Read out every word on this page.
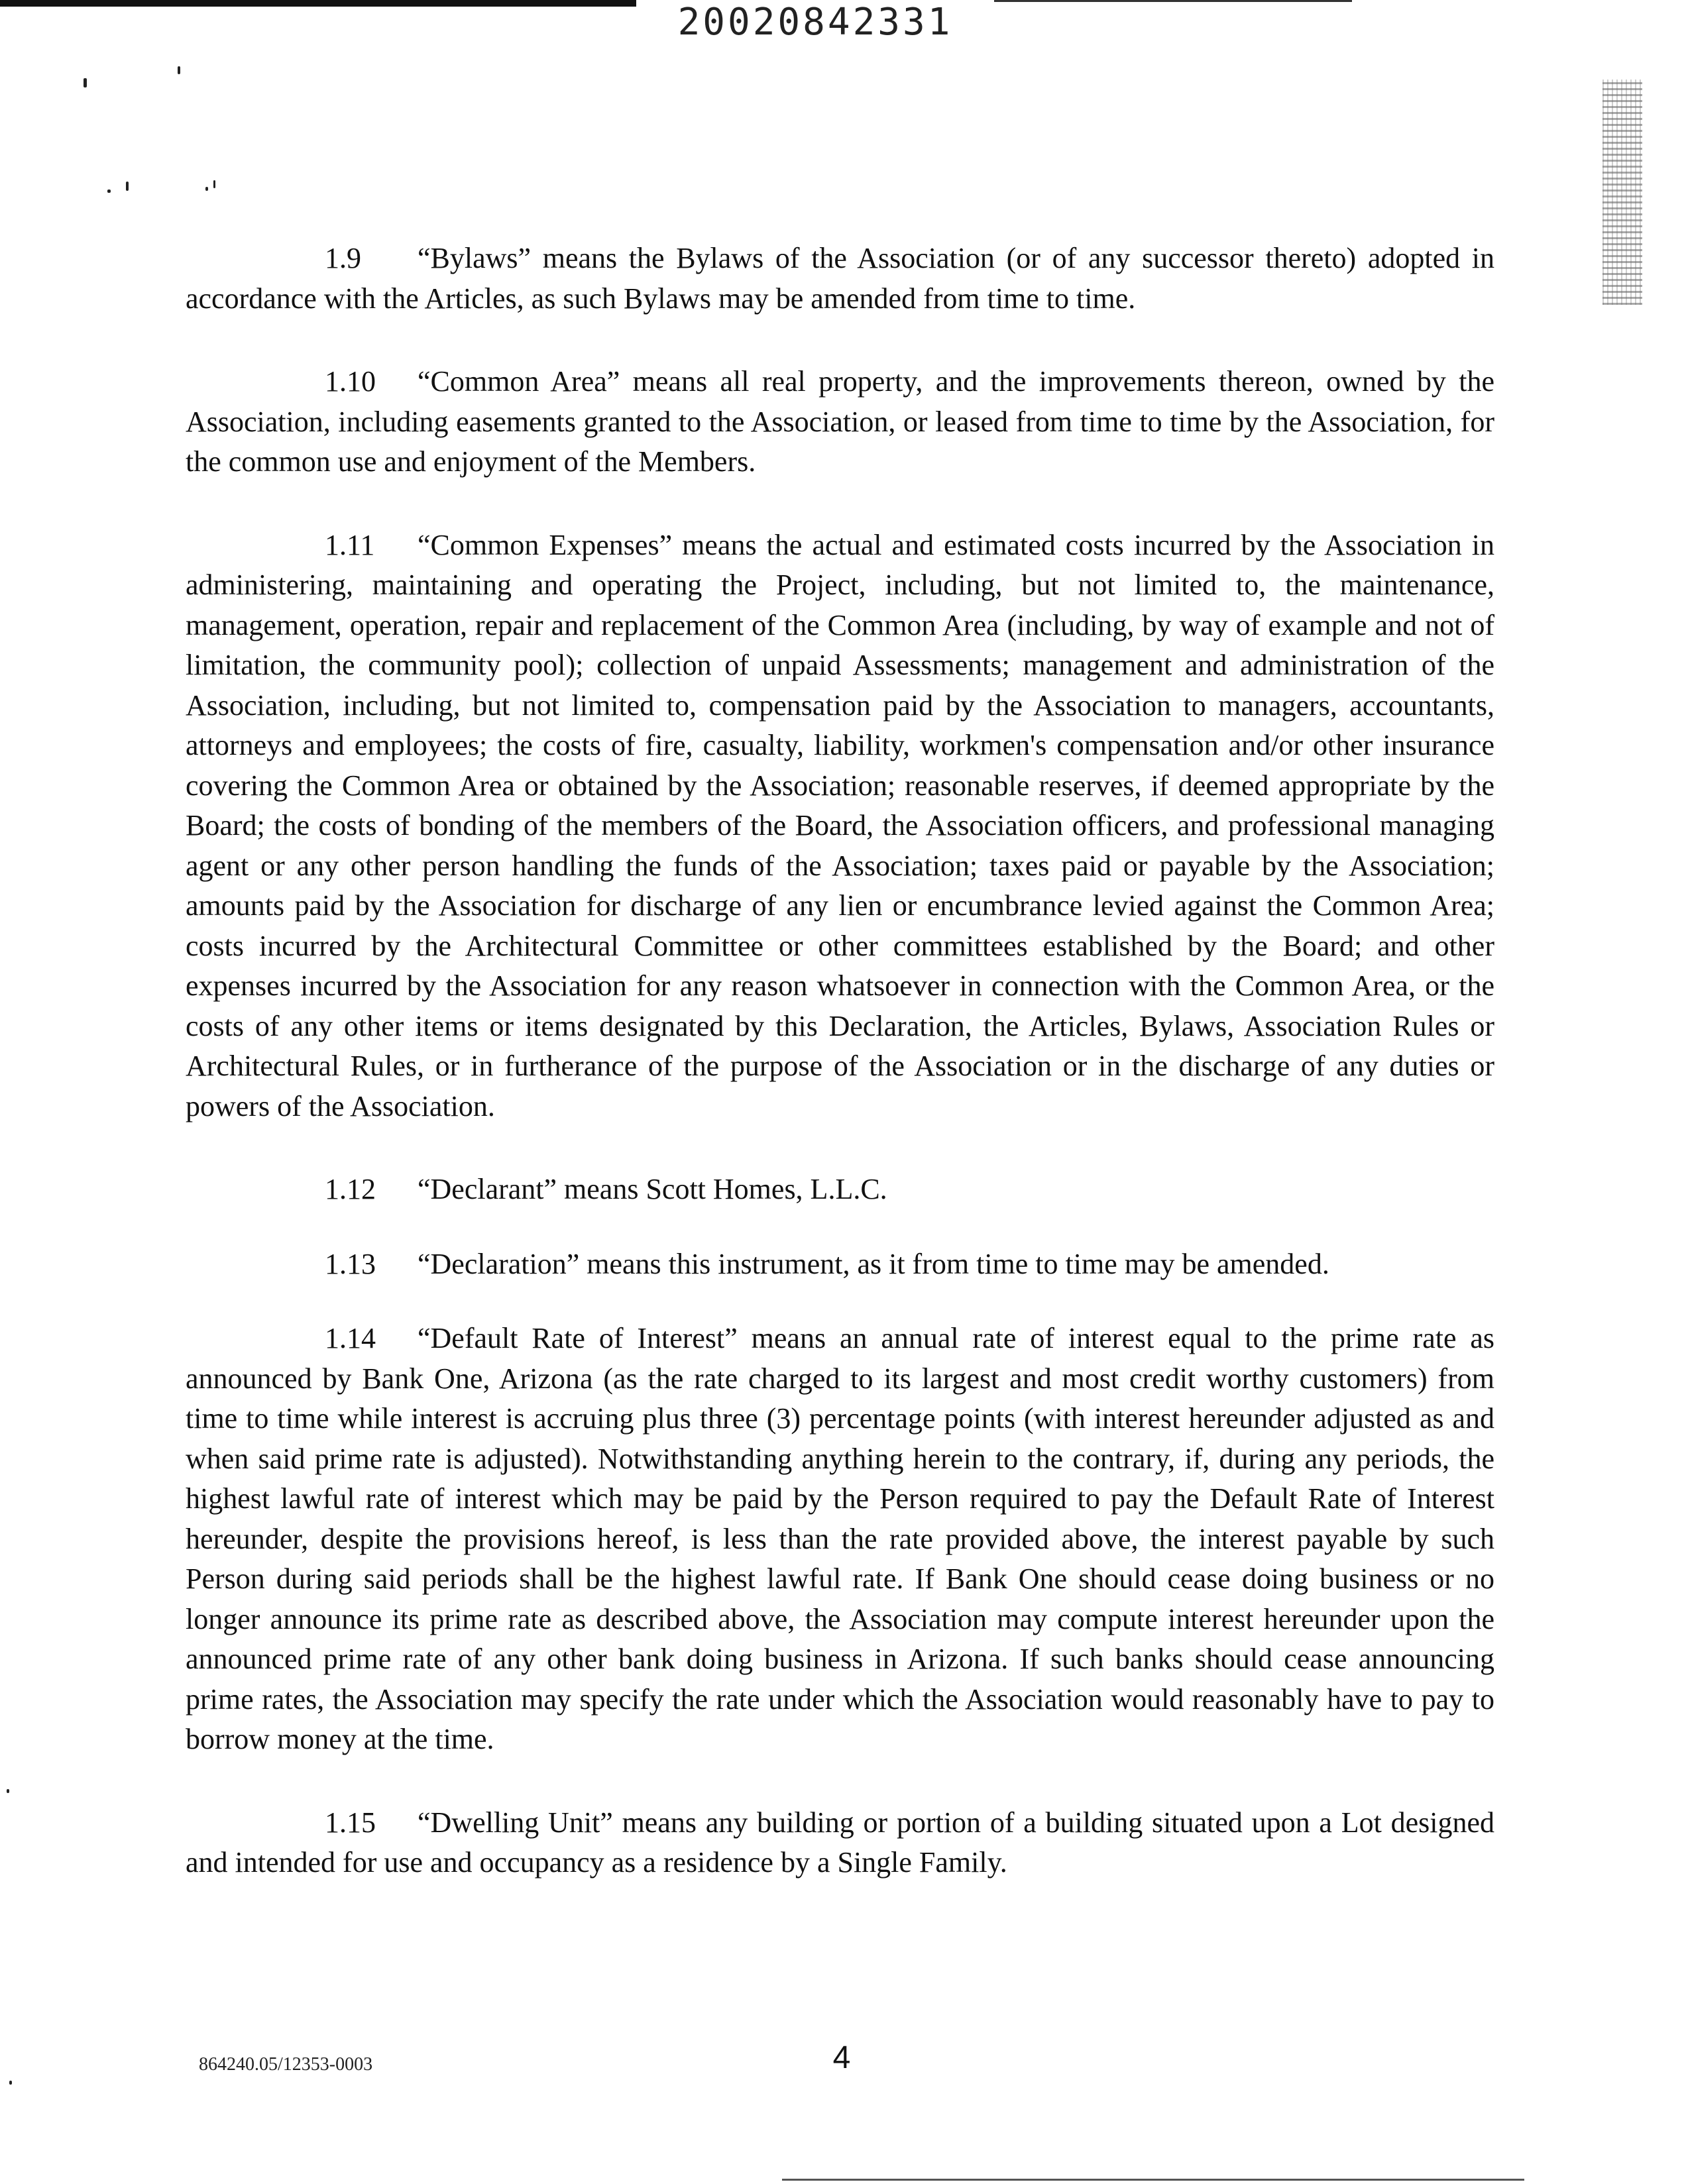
20020842331

1.9 “Bylaws” means the Bylaws of the Association (or of any successor thereto) adopted in accordance with the Articles, as such Bylaws may be amended from time to time.

1.10 “Common Area” means all real property, and the improvements thereon, owned by the Association, including easements granted to the Association, or leased from time to time by the Association, for the common use and enjoyment of the Members.

1.11 “Common Expenses” means the actual and estimated costs incurred by the Association in administering, maintaining and operating the Project, including, but not limited to, the maintenance, management, operation, repair and replacement of the Common Area (including, by way of example and not of limitation, the community pool); collection of unpaid Assessments; management and administration of the Association, including, but not limited to, compensation paid by the Association to managers, accountants, attorneys and employees; the costs of fire, casualty, liability, workmen's compensation and/or other insurance covering the Common Area or obtained by the Association; reasonable reserves, if deemed appropriate by the Board; the costs of bonding of the members of the Board, the Association officers, and professional managing agent or any other person handling the funds of the Association; taxes paid or payable by the Association; amounts paid by the Association for discharge of any lien or encumbrance levied against the Common Area; costs incurred by the Architectural Committee or other committees established by the Board; and other expenses incurred by the Association for any reason whatsoever in connection with the Common Area, or the costs of any other items or items designated by this Declaration, the Articles, Bylaws, Association Rules or Architectural Rules, or in furtherance of the purpose of the Association or in the discharge of any duties or powers of the Association.

1.12 “Declarant” means Scott Homes, L.L.C.

1.13 “Declaration” means this instrument, as it from time to time may be amended.

1.14 “Default Rate of Interest” means an annual rate of interest equal to the prime rate as announced by Bank One, Arizona (as the rate charged to its largest and most credit worthy customers) from time to time while interest is accruing plus three (3) percentage points (with interest hereunder adjusted as and when said prime rate is adjusted). Notwithstanding anything herein to the contrary, if, during any periods, the highest lawful rate of interest which may be paid by the Person required to pay the Default Rate of Interest hereunder, despite the provisions hereof, is less than the rate provided above, the interest payable by such Person during said periods shall be the highest lawful rate. If Bank One should cease doing business or no longer announce its prime rate as described above, the Association may compute interest hereunder upon the announced prime rate of any other bank doing business in Arizona. If such banks should cease announcing prime rates, the Association may specify the rate under which the Association would reasonably have to pay to borrow money at the time.

1.15 “Dwelling Unit” means any building or portion of a building situated upon a Lot designed and intended for use and occupancy as a residence by a Single Family.

864240.05/12353-0003	4
